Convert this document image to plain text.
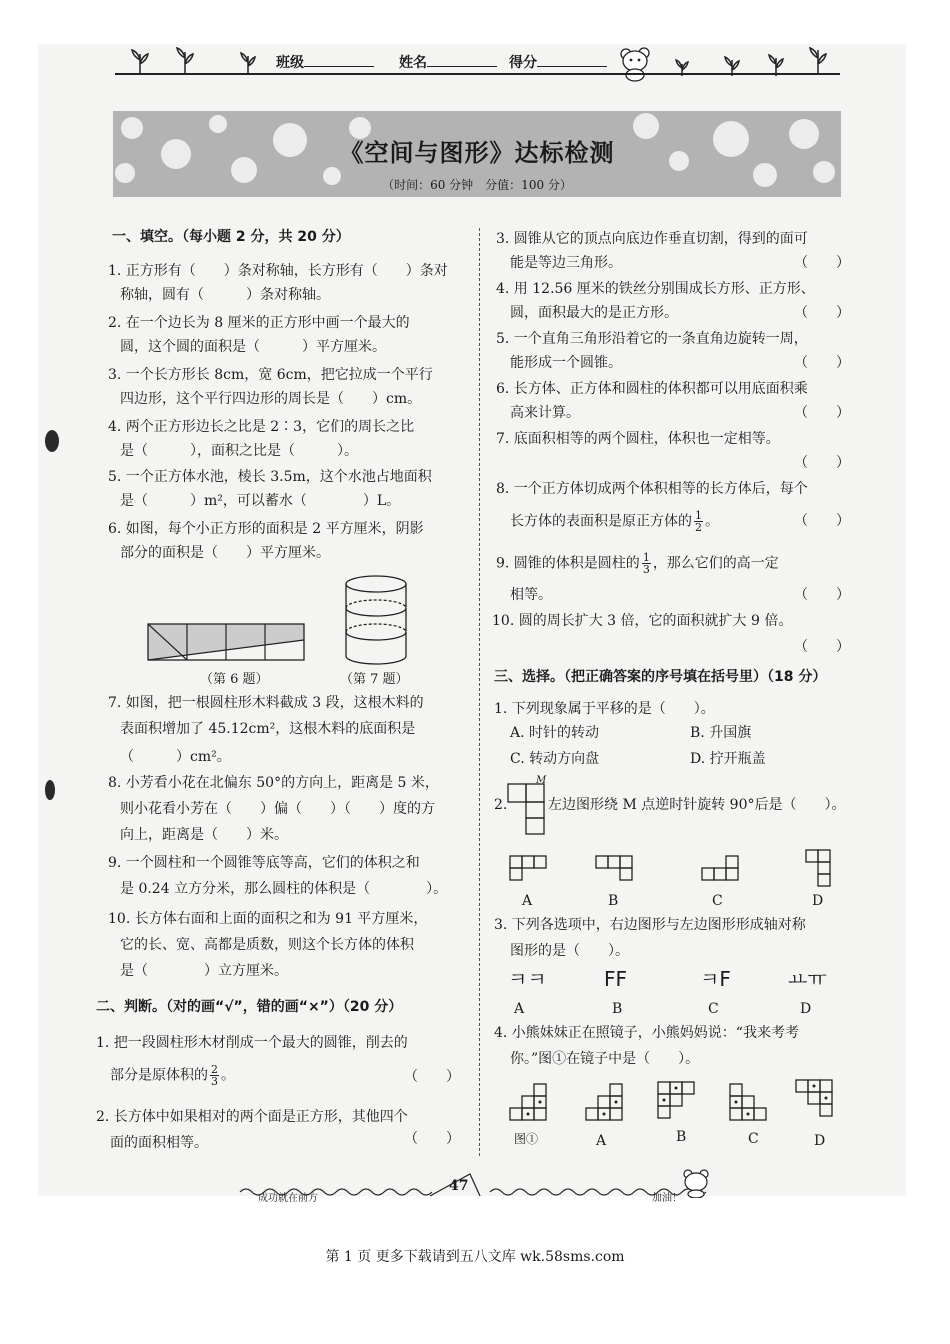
班级	姓名	得分
《空间与图形》达标检测
（时间：60 分钟　分值：100 分）
一、填空。（每小题 2 分，共 20 分）
1. 正方形有（　　）条对称轴，长方形有（　　）条对
称轴，圆有（　　　）条对称轴。
2. 在一个边长为 8 厘米的正方形中画一个最大的
圆，这个圆的面积是（　　　）平方厘米。
3. 一个长方形长 8cm，宽 6cm，把它拉成一个平行
四边形，这个平行四边形的周长是（　　）cm。
4. 两个正方形边长之比是 2∶3，它们的周长之比
是（　　　），面积之比是（　　　）。
5. 一个正方体水池，棱长 3.5m，这个水池占地面积
是（　　　）m²，可以蓄水（　　　　）L。
6. 如图，每个小正方形的面积是 2 平方厘米，阴影
部分的面积是（　　）平方厘米。
（第 6 题）	（第 7 题）
7. 如图，把一根圆柱形木料截成 3 段，这根木料的
表面积增加了 45.12cm²，这根木料的底面积是
（　　　）cm²。
8. 小芳看小花在北偏东 50°的方向上，距离是 5 米，
则小花看小芳在（　　）偏（　　）（　　）度的方
向上，距离是（　　）米。
9. 一个圆柱和一个圆锥等底等高，它们的体积之和
是 0.24 立方分米，那么圆柱的体积是（　　　　）。
10. 长方体右面和上面的面积之和为 91 平方厘米，
它的长、宽、高都是质数，则这个长方体的体积
是（　　　　）立方厘米。
二、判断。（对的画“√”，错的画“×”）（20 分）
1. 把一段圆柱形木材削成一个最大的圆锥，削去的
部分是原体积的 $\frac{2}{3}$ 。	（　　）
2. 长方体中如果相对的两个面是正方形，其他四个
面的面积相等。	（　　）
3. 圆锥从它的顶点向底边作垂直切割，得到的面可
能是等边三角形。	（　　）
4. 用 12.56 厘米的铁丝分别围成长方形、正方形、
圆，面积最大的是正方形。	（　　）
5. 一个直角三角形沿着它的一条直角边旋转一周，
能形成一个圆锥。	（　　）
6. 长方体、正方体和圆柱的体积都可以用底面积乘
高来计算。	（　　）
7. 底面积相等的两个圆柱，体积也一定相等。
（　　）
8. 一个正方体切成两个体积相等的长方体后，每个
长方体的表面积是原正方体的 $\frac{1}{2}$ 。	（　　）
9. 圆锥的体积是圆柱的 $\frac{1}{3}$ ，那么它们的高一定
相等。	（　　）
10. 圆的周长扩大 3 倍，它的面积就扩大 9 倍。
（　　）
三、选择。（把正确答案的序号填在括号里）（18 分）
1. 下列现象属于平移的是（　　）。
A. 时针的转动	B. 升国旗
C. 转动方向盘	D. 拧开瓶盖
2.
M
左边图形绕 M 点逆时针旋转 90°后是（　　）。
A	B	C	D
3. 下列各选项中，右边图形与左边图形形成轴对称
图形的是（　　）。
ㅋㅋ	FF	ㅋF	ㅛㅠ
A	B	C	D
4. 小熊妹妹正在照镜子，小熊妈妈说：“我来考考
你。”图①在镜子中是（　　）。
图①	A	B	C	D
成功就在前方
47
加油！
第 1 页 更多下载请到五八文库 wk.58sms.com
